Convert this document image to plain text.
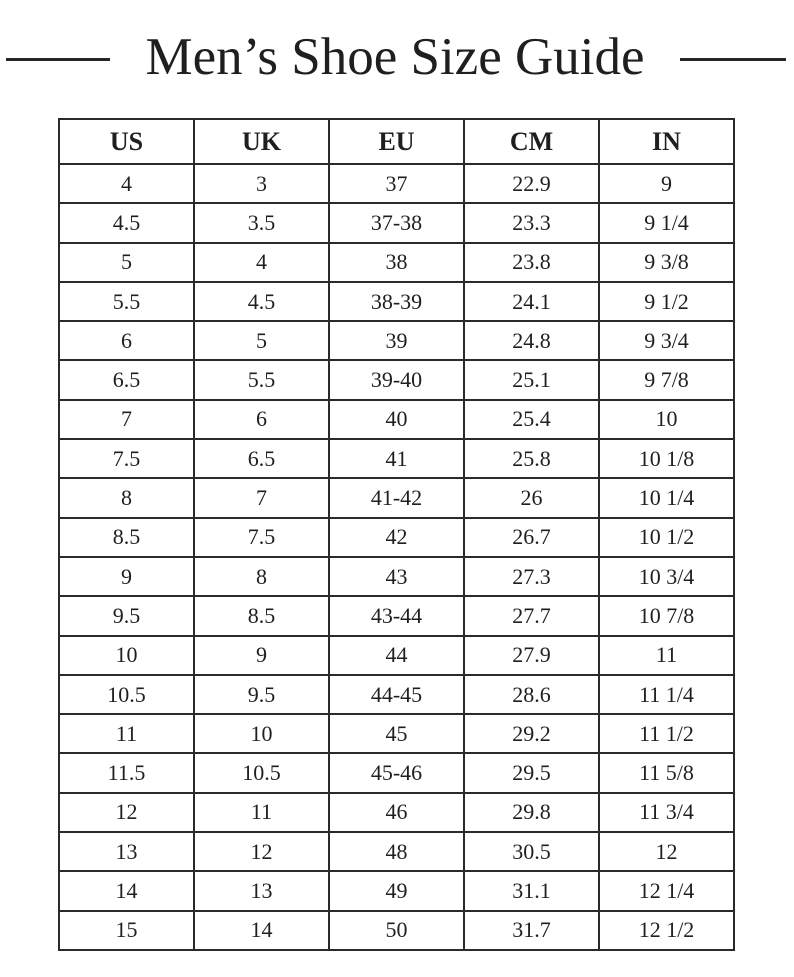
Men’s Shoe Size Guide
US	UK	EU	CM	IN
4	3	37	22.9	9
4.5	3.5	37-38	23.3	9 1/4
5	4	38	23.8	9 3/8
5.5	4.5	38-39	24.1	9 1/2
6	5	39	24.8	9 3/4
6.5	5.5	39-40	25.1	9 7/8
7	6	40	25.4	10
7.5	6.5	41	25.8	10 1/8
8	7	41-42	26	10 1/4
8.5	7.5	42	26.7	10 1/2
9	8	43	27.3	10 3/4
9.5	8.5	43-44	27.7	10 7/8
10	9	44	27.9	11
10.5	9.5	44-45	28.6	11 1/4
11	10	45	29.2	11 1/2
11.5	10.5	45-46	29.5	11 5/8
12	11	46	29.8	11 3/4
13	12	48	30.5	12
14	13	49	31.1	12 1/4
15	14	50	31.7	12 1/2
